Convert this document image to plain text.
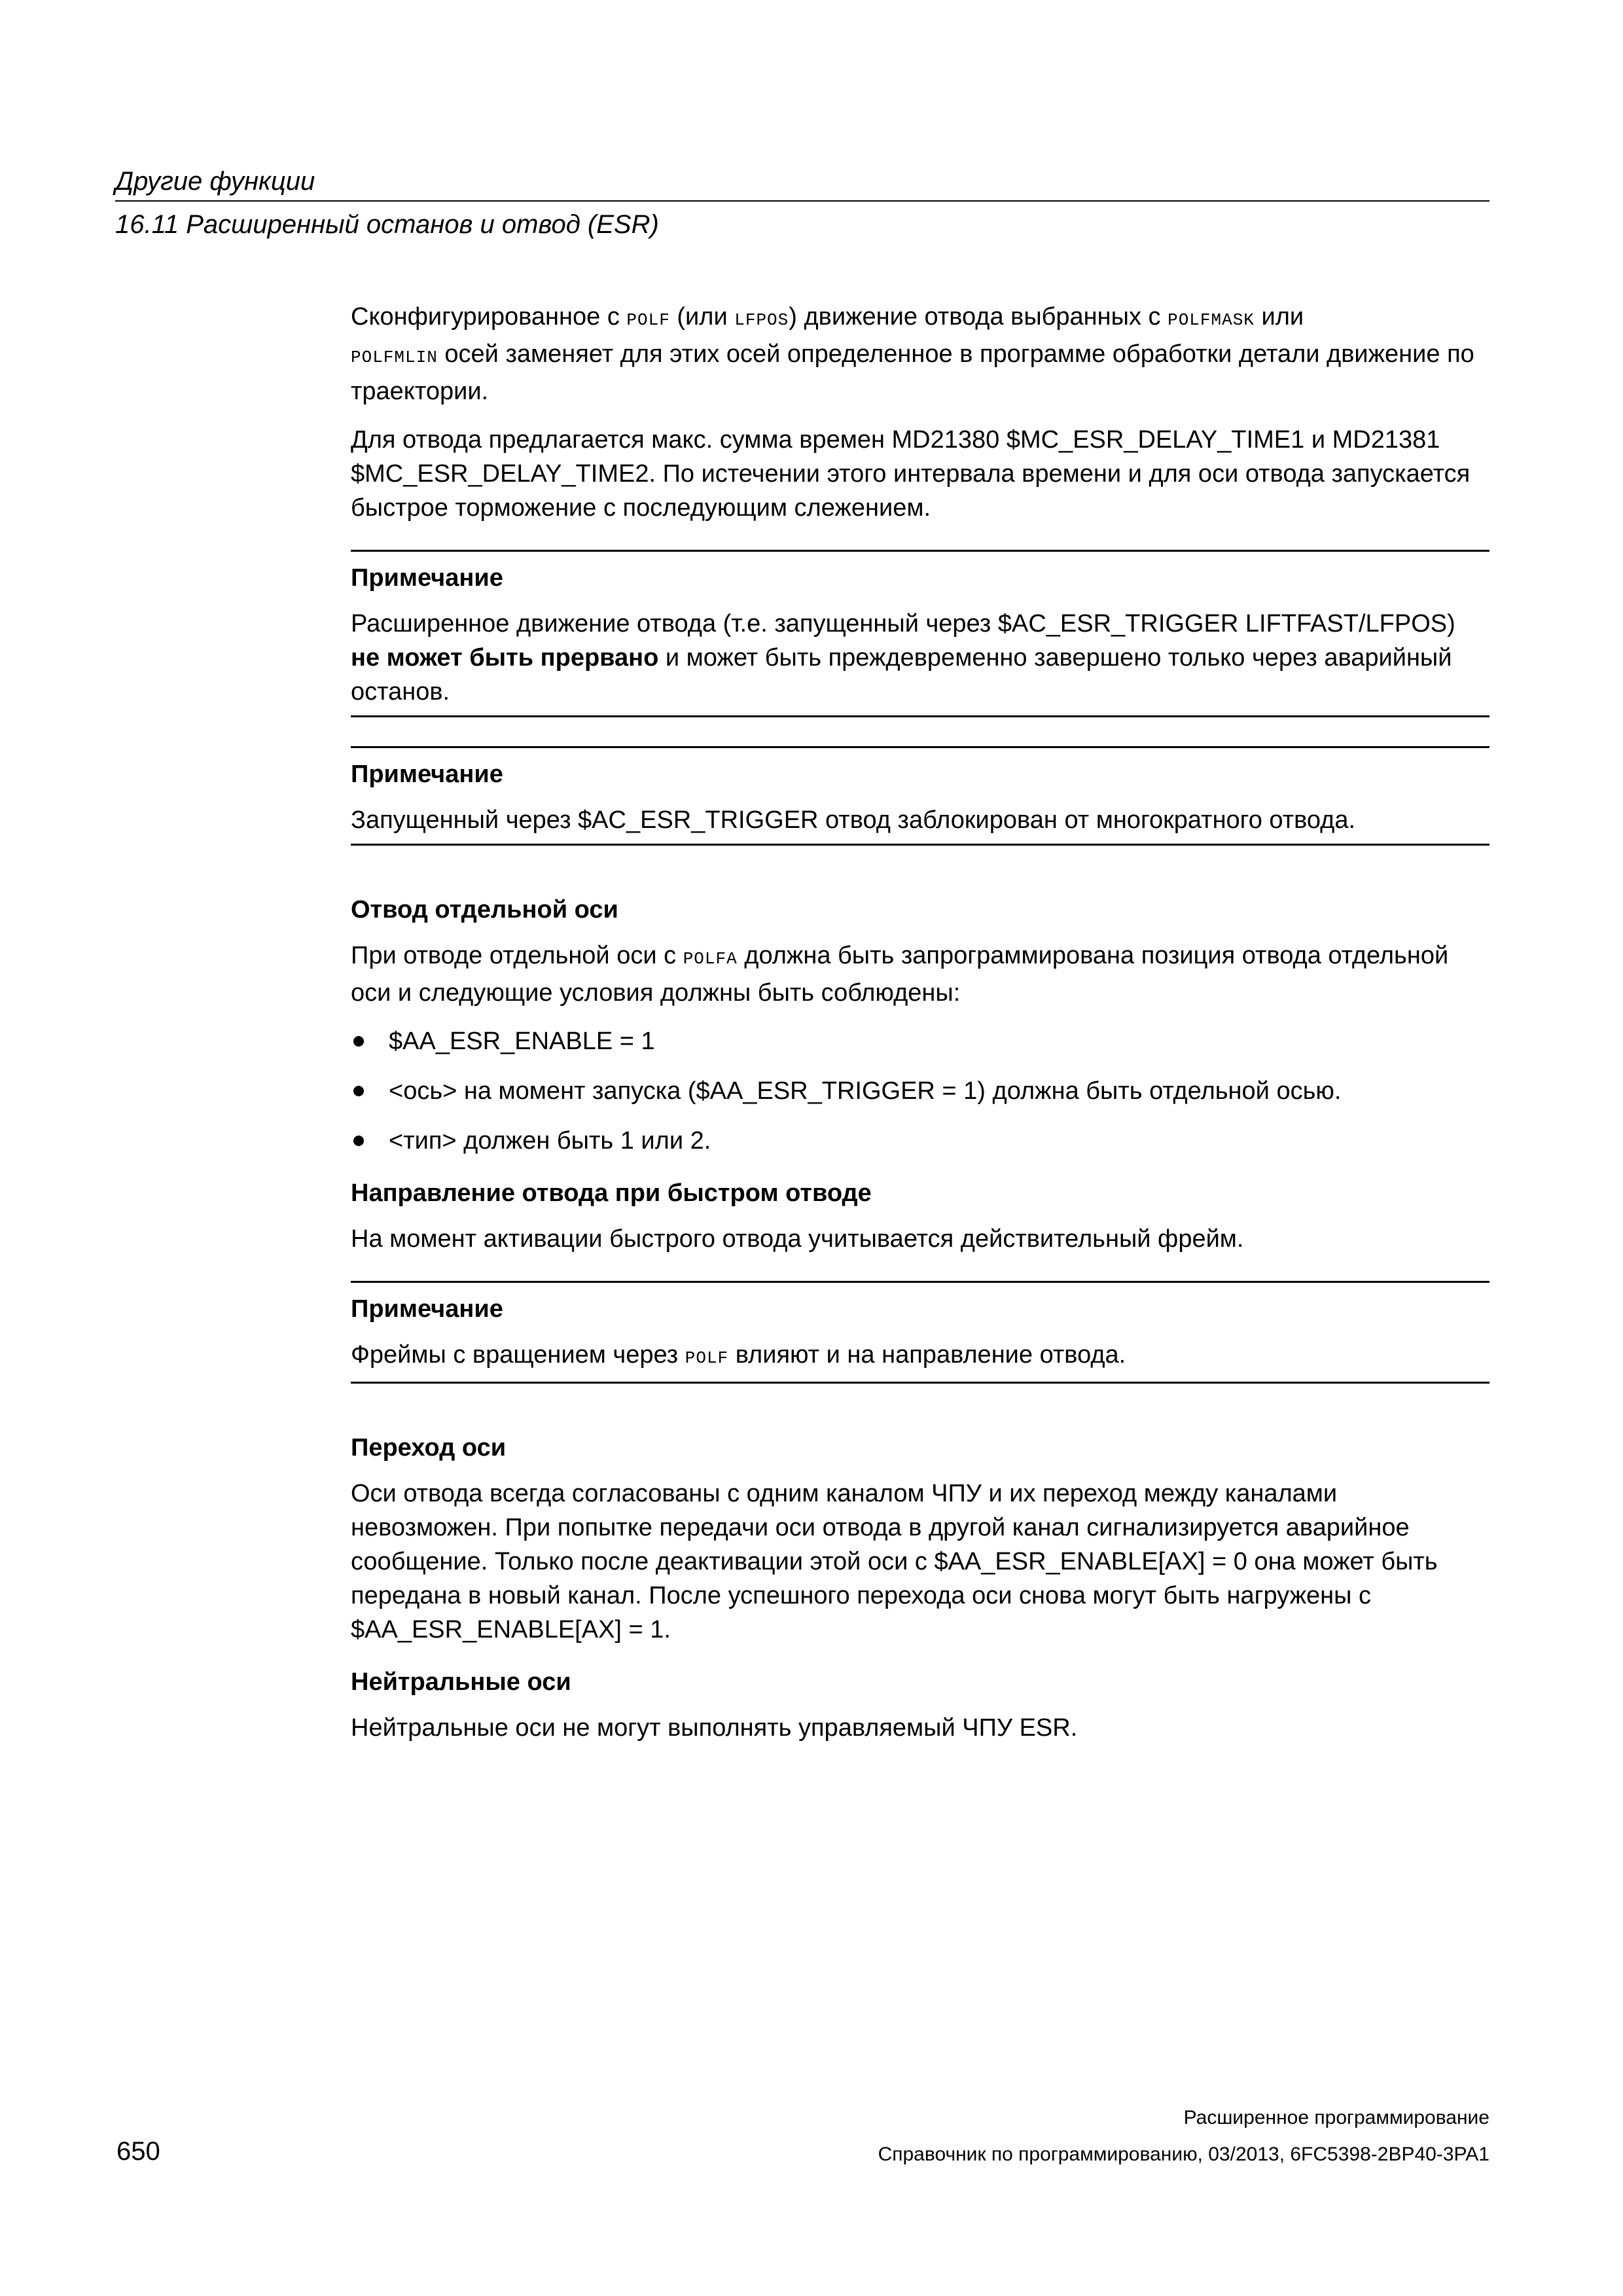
Другие функции
16.11 Расширенный останов и отвод (ESR)

Сконфигурированное с POLF (или LFPOS) движение отвода выбранных с POLFMASK или
POLFMLIN осей заменяет для этих осей определенное в программе обработки детали движение по траектории.

Для отвода предлагается макс. сумма времен MD21380 $MC_ESR_DELAY_TIME1 и MD21381 $MC_ESR_DELAY_TIME2. По истечении этого интервала времени и для оси отвода запускается быстрое торможение с последующим слежением.

Примечание

Расширенное движение отвода (т.е. запущенный через $AC_ESR_TRIGGER LIFTFAST/LFPOS) не может быть прервано и может быть преждевременно завершено только через аварийный останов.

Примечание

Запущенный через $AC_ESR_TRIGGER отвод заблокирован от многократного отвода.

Отвод отдельной оси

При отводе отдельной оси с POLFA должна быть запрограммирована позиция отвода отдельной оси и следующие условия должны быть соблюдены:

$AA_ESR_ENABLE = 1
<ось> на момент запуска ($AA_ESR_TRIGGER = 1) должна быть отдельной осью.
<тип> должен быть 1 или 2.
Направление отвода при быстром отводе

На момент активации быстрого отвода учитывается действительный фрейм.

Примечание

Фреймы с вращением через POLF влияют и на направление отвода.

Переход оси

Оси отвода всегда согласованы с одним каналом ЧПУ и их переход между каналами невозможен. При попытке передачи оси отвода в другой канал сигнализируется аварийное сообщение. Только после деактивации этой оси с $AA_ESR_ENABLE[AX] = 0 она может быть передана в новый канал. После успешного перехода оси снова могут быть нагружены с $AA_ESR_ENABLE[AX] = 1.

Нейтральные оси

Нейтральные оси не могут выполнять управляемый ЧПУ ESR.

Расширенное программирование
Справочник по программированию, 03/2013, 6FC5398-2BP40-3PA1
650
